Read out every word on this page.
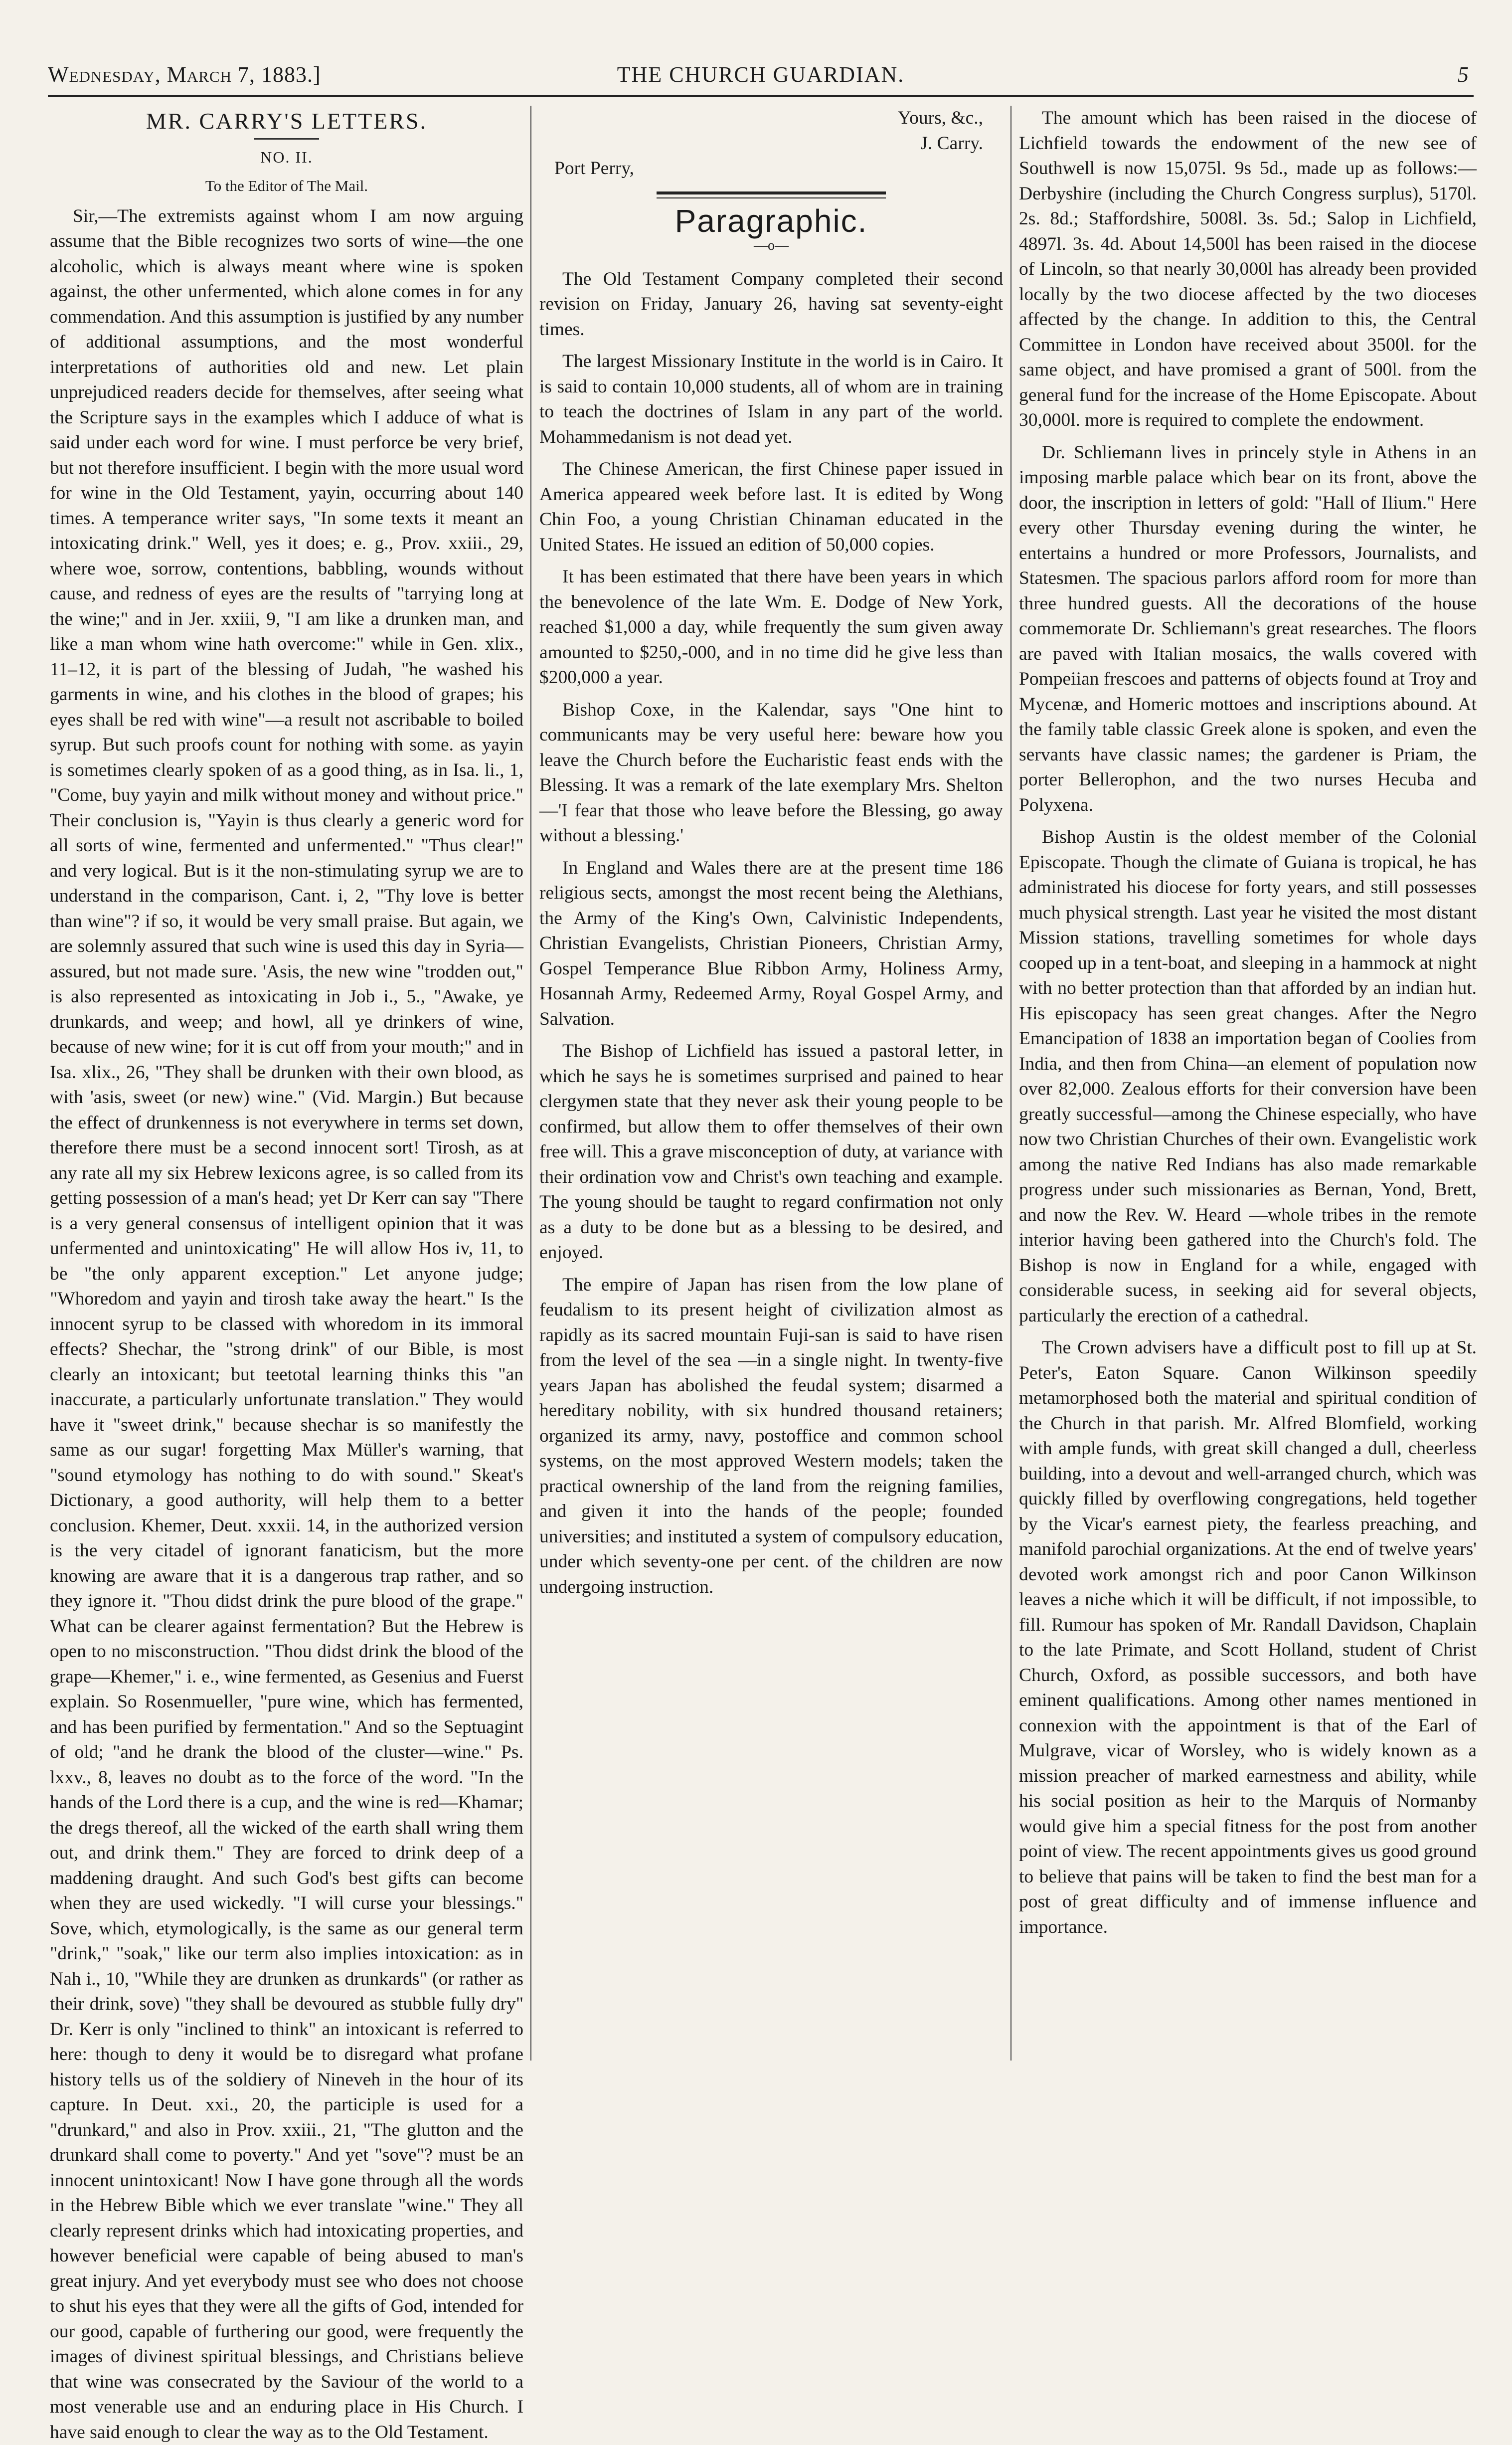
Wednesday, March 7, 1883.]	THE CHURCH GUARDIAN.	5

MR. CARRY'S LETTERS.

NO. II.

To the Editor of The Mail.

Sir,—The extremists against whom I am now arguing assume that the Bible recognizes two sorts of wine—the one alcoholic, which is always meant where wine is spoken against, the other unfermented, which alone comes in for any commendation. And this assumption is justified by any number of additional assumptions, and the most wonderful interpretations of authorities old and new. Let plain unprejudiced readers decide for themselves, after seeing what the Scripture says in the examples which I adduce of what is said under each word for wine. I must perforce be very brief, but not therefore insufficient. I begin with the more usual word for wine in the Old Testament, yayin, occurring about 140 times. A temperance writer says, "In some texts it meant an intoxicating drink." Well, yes it does; e. g., Prov. xxiii., 29, where woe, sorrow, contentions, babbling, wounds without cause, and redness of eyes are the results of "tarrying long at the wine;" and in Jer. xxiii, 9, "I am like a drunken man, and like a man whom wine hath overcome:" while in Gen. xlix., 11–12, it is part of the blessing of Judah, "he washed his garments in wine, and his clothes in the blood of grapes; his eyes shall be red with wine"—a result not ascribable to boiled syrup. But such proofs count for nothing with some. as yayin is sometimes clearly spoken of as a good thing, as in Isa. li., 1, "Come, buy yayin and milk without money and without price." Their conclusion is, "Yayin is thus clearly a generic word for all sorts of wine, fermented and unfermented." "Thus clear!" and very logical. But is it the non-stimulating syrup we are to understand in the comparison, Cant. i, 2, "Thy love is better than wine"? if so, it would be very small praise. But again, we are solemnly assured that such wine is used this day in Syria—assured, but not made sure. 'Asis, the new wine "trodden out," is also represented as intoxicating in Job i., 5., "Awake, ye drunkards, and weep; and howl, all ye drinkers of wine, because of new wine; for it is cut off from your mouth;" and in Isa. xlix., 26, "They shall be drunken with their own blood, as with 'asis, sweet (or new) wine." (Vid. Margin.) But because the effect of drunkenness is not everywhere in terms set down, therefore there must be a second innocent sort! Tirosh, as at any rate all my six Hebrew lexicons agree, is so called from its getting possession of a man's head; yet Dr Kerr can say "There is a very general consensus of intelligent opinion that it was unfermented and unintoxicating" He will allow Hos iv, 11, to be "the only apparent exception." Let anyone judge; "Whoredom and yayin and tirosh take away the heart." Is the innocent syrup to be classed with whoredom in its immoral effects? Shechar, the "strong drink" of our Bible, is most clearly an intoxicant; but teetotal learning thinks this "an inaccurate, a particularly unfortunate translation." They would have it "sweet drink," because shechar is so manifestly the same as our sugar! forgetting Max Müller's warning, that "sound etymology has nothing to do with sound." Skeat's Dictionary, a good authority, will help them to a better conclusion. Khemer, Deut. xxxii. 14, in the authorized version is the very citadel of ignorant fanaticism, but the more knowing are aware that it is a dangerous trap rather, and so they ignore it. "Thou didst drink the pure blood of the grape." What can be clearer against fermentation? But the Hebrew is open to no misconstruction. "Thou didst drink the blood of the grape—Khemer," i. e., wine fermented, as Gesenius and Fuerst explain. So Rosenmueller, "pure wine, which has fermented, and has been purified by fermentation." And so the Septuagint of old; "and he drank the blood of the cluster—wine." Ps. lxxv., 8, leaves no doubt as to the force of the word. "In the hands of the Lord there is a cup, and the wine is red—Khamar; the dregs thereof, all the wicked of the earth shall wring them out, and drink them." They are forced to drink deep of a maddening draught. And such God's best gifts can become when they are used wickedly. "I will curse your blessings." Sove, which, etymologically, is the same as our general term "drink," "soak," like our term also implies intoxication: as in Nah i., 10, "While they are drunken as drunkards" (or rather as their drink, sove) "they shall be devoured as stubble fully dry" Dr. Kerr is only "inclined to think" an intoxicant is referred to here: though to deny it would be to disregard what profane history tells us of the soldiery of Nineveh in the hour of its capture. In Deut. xxi., 20, the participle is used for a "drunkard," and also in Prov. xxiii., 21, "The glutton and the drunkard shall come to poverty." And yet "sove"? must be an innocent unintoxicant! Now I have gone through all the words in the Hebrew Bible which we ever translate "wine." They all clearly represent drinks which had intoxicating properties, and however beneficial were capable of being abused to man's great injury. And yet everybody must see who does not choose to shut his eyes that they were all the gifts of God, intended for our good, capable of furthering our good, were frequently the images of divinest spiritual blessings, and Christians believe that wine was consecrated by the Saviour of the world to a most venerable use and an enduring place in His Church. I have said enough to clear the way as to the Old Testament.

Yours, &c.,

J. Carry.

Port Perry,

Paragraphic.

—o—

The Old Testament Company completed their second revision on Friday, January 26, having sat seventy-eight times.

The largest Missionary Institute in the world is in Cairo. It is said to contain 10,000 students, all of whom are in training to teach the doctrines of Islam in any part of the world. Mohammedanism is not dead yet.

The Chinese American, the first Chinese paper issued in America appeared week before last. It is edited by Wong Chin Foo, a young Christian Chinaman educated in the United States. He issued an edition of 50,000 copies.

It has been estimated that there have been years in which the benevolence of the late Wm. E. Dodge of New York, reached $1,000 a day, while frequently the sum given away amounted to $250,-000, and in no time did he give less than $200,000 a year.

Bishop Coxe, in the Kalendar, says "One hint to communicants may be very useful here: beware how you leave the Church before the Eucharistic feast ends with the Blessing. It was a remark of the late exemplary Mrs. Shelton—'I fear that those who leave before the Blessing, go away without a blessing.'

In England and Wales there are at the present time 186 religious sects, amongst the most recent being the Alethians, the Army of the King's Own, Calvinistic Independents, Christian Evangelists, Christian Pioneers, Christian Army, Gospel Temperance Blue Ribbon Army, Holiness Army, Hosannah Army, Redeemed Army, Royal Gospel Army, and Salvation.

The Bishop of Lichfield has issued a pastoral letter, in which he says he is sometimes surprised and pained to hear clergymen state that they never ask their young people to be confirmed, but allow them to offer themselves of their own free will. This a grave misconception of duty, at variance with their ordination vow and Christ's own teaching and example. The young should be taught to regard confirmation not only as a duty to be done but as a blessing to be desired, and enjoyed.

The empire of Japan has risen from the low plane of feudalism to its present height of civilization almost as rapidly as its sacred mountain Fuji-san is said to have risen from the level of the sea —in a single night. In twenty-five years Japan has abolished the feudal system; disarmed a hereditary nobility, with six hundred thousand retainers; organized its army, navy, postoffice and common school systems, on the most approved Western models; taken the practical ownership of the land from the reigning families, and given it into the hands of the people; founded universities; and instituted a system of compulsory education, under which seventy-one per cent. of the children are now undergoing instruction.

The amount which has been raised in the diocese of Lichfield towards the endowment of the new see of Southwell is now 15,075l. 9s 5d., made up as follows:—Derbyshire (including the Church Congress surplus), 5170l. 2s. 8d.; Staffordshire, 5008l. 3s. 5d.; Salop in Lichfield, 4897l. 3s. 4d. About 14,500l has been raised in the diocese of Lincoln, so that nearly 30,000l has already been provided locally by the two diocese affected by the two dioceses affected by the change. In addition to this, the Central Committee in London have received about 3500l. for the same object, and have promised a grant of 500l. from the general fund for the increase of the Home Episcopate. About 30,000l. more is required to complete the endowment.

Dr. Schliemann lives in princely style in Athens in an imposing marble palace which bear on its front, above the door, the inscription in letters of gold: "Hall of Ilium." Here every other Thursday evening during the winter, he entertains a hundred or more Professors, Journalists, and Statesmen. The spacious parlors afford room for more than three hundred guests. All the decorations of the house commemorate Dr. Schliemann's great researches. The floors are paved with Italian mosaics, the walls covered with Pompeiian frescoes and patterns of objects found at Troy and Mycenæ, and Homeric mottoes and inscriptions abound. At the family table classic Greek alone is spoken, and even the servants have classic names; the gardener is Priam, the porter Bellerophon, and the two nurses Hecuba and Polyxena.

Bishop Austin is the oldest member of the Colonial Episcopate. Though the climate of Guiana is tropical, he has administrated his diocese for forty years, and still possesses much physical strength. Last year he visited the most distant Mission stations, travelling sometimes for whole days cooped up in a tent-boat, and sleeping in a hammock at night with no better protection than that afforded by an indian hut. His episcopacy has seen great changes. After the Negro Emancipation of 1838 an importation began of Coolies from India, and then from China—an element of population now over 82,000. Zealous efforts for their conversion have been greatly successful—among the Chinese especially, who have now two Christian Churches of their own. Evangelistic work among the native Red Indians has also made remarkable progress under such missionaries as Bernan, Yond, Brett, and now the Rev. W. Heard —whole tribes in the remote interior having been gathered into the Church's fold. The Bishop is now in England for a while, engaged with considerable sucess, in seeking aid for several objects, particularly the erection of a cathedral.

The Crown advisers have a difficult post to fill up at St. Peter's, Eaton Square. Canon Wilkinson speedily metamorphosed both the material and spiritual condition of the Church in that parish. Mr. Alfred Blomfield, working with ample funds, with great skill changed a dull, cheerless building, into a devout and well-arranged church, which was quickly filled by overflowing congregations, held together by the Vicar's earnest piety, the fearless preaching, and manifold parochial organizations. At the end of twelve years' devoted work amongst rich and poor Canon Wilkinson leaves a niche which it will be difficult, if not impossible, to fill. Rumour has spoken of Mr. Randall Davidson, Chaplain to the late Primate, and Scott Holland, student of Christ Church, Oxford, as possible successors, and both have eminent qualifications. Among other names mentioned in connexion with the appointment is that of the Earl of Mulgrave, vicar of Worsley, who is widely known as a mission preacher of marked earnestness and ability, while his social position as heir to the Marquis of Normanby would give him a special fitness for the post from another point of view. The recent appointments gives us good ground to believe that pains will be taken to find the best man for a post of great difficulty and of immense influence and importance.
